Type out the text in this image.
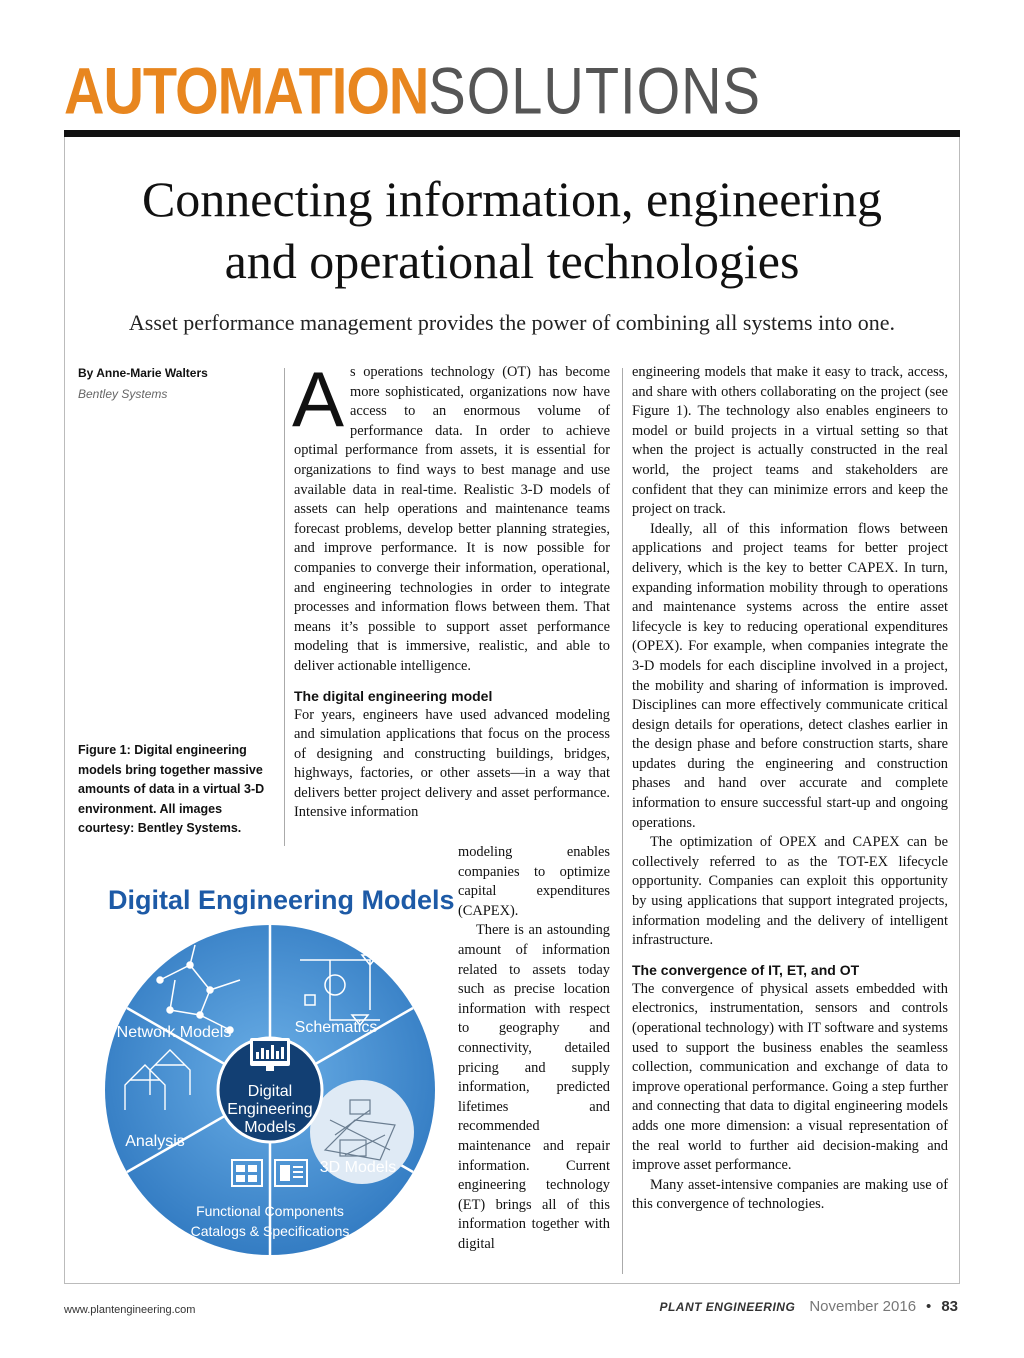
AUTOMATIONSOLUTIONS
Connecting information, engineering
and operational technologies
Asset performance management provides the power of combining all systems into one.
By Anne-Marie Walters
Bentley Systems
Figure 1: Digital engineering models bring together massive amounts of data in a virtual 3-D environment. All images courtesy: Bentley Systems.

As operations technology (OT) has become more sophisticated, organizations now have access to an enormous volume of performance data. In order to achieve optimal performance from assets, it is essential for organizations to find ways to best manage and use available data in real-time. Realistic 3-D models of assets can help operations and maintenance teams forecast problems, develop better planning strategies, and improve performance. It is now possible for companies to converge their information, operational, and engineering technologies in order to integrate processes and information flows between them. That means it’s possible to support asset performance modeling that is immersive, realistic, and able to deliver actionable intelligence.

The digital engineering model

For years, engineers have used advanced modeling and simulation applications that focus on the process of designing and constructing buildings, bridges, highways, factories, or other assets—in a way that delivers better project delivery and asset performance. Intensive information

modeling enables companies to optimize capital expenditures (CAPEX).

There is an astounding amount of information related to assets today such as precise location information with respect to geography and connectivity, detailed pricing and supply information, predicted lifetimes and recommended maintenance and repair information. Current engineering technology (ET) brings all of this information together with digital

engineering models that make it easy to track, access, and share with others collaborating on the project (see Figure 1). The technology also enables engineers to model or build projects in a virtual setting so that when the project is actually constructed in the real world, the project teams and stakeholders are confident that they can minimize errors and keep the project on track.

Ideally, all of this information flows between applications and project teams for better project delivery, which is the key to better CAPEX. In turn, expanding information mobility through to operations and maintenance systems across the entire asset lifecycle is key to reducing operational expenditures (OPEX). For example, when companies integrate the 3-D models for each discipline involved in a project, the mobility and sharing of information is improved. Disciplines can more effectively communicate critical design details for operations, detect clashes earlier in the design phase and before construction starts, share updates during the engineering and construction phases and hand over accurate and complete information to ensure successful start-up and ongoing operations.

The optimization of OPEX and CAPEX can be collectively referred to as the TOT-EX lifecycle opportunity. Companies can exploit this opportunity by using applications that support integrated projects, information modeling and the delivery of intelligent infrastructure.

The convergence of IT, ET, and OT

The convergence of physical assets embedded with electronics, instrumentation, sensors and controls (operational technology) with IT software and systems used to support the business enables the seamless collection, communication and exchange of data to improve operational performance. Going a step further and connecting that data to digital engineering models adds one more dimension: a visual representation of the real world to further aid decision-making and improve asset performance.

Many asset-intensive companies are making use of this convergence of technologies.

Digital Engineering Models
Digital
Engineering
Models
Network Models	Schematics
3D Models
Functional Components
Catalogs & Specifications
Analysis
www.plantengineering.com	PLANT ENGINEERING November 2016 • 83
